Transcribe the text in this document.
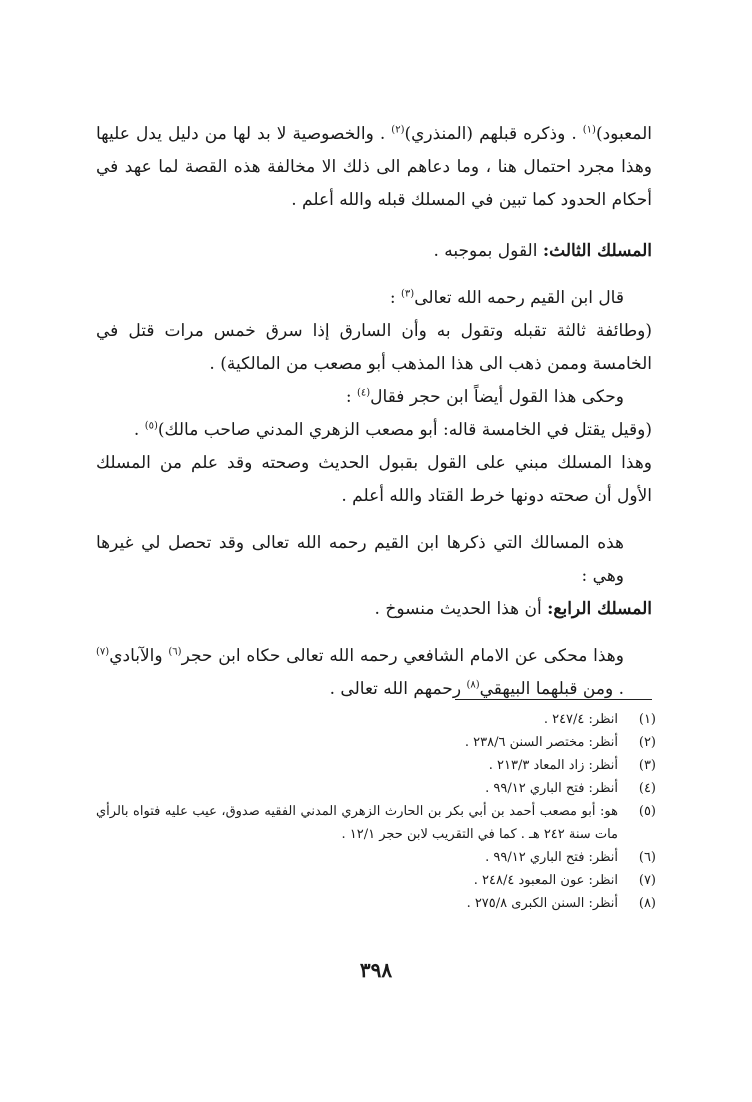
المعبود)$^{(١)}$ . وذكره قبلهم (المنذري)$^{(٢)}$ . والخصوصية لا بد لها من دليل يدل عليها وهذا مجرد احتمال هنا ، وما دعاهم الى ذلك الا مخالفة هذه القصة لما عهد في أحكام الحدود كما تبين في المسلك قبله والله أعلم .

المسلك الثالث: القول بموجبه .

قال ابن القيم رحمه الله تعالى$^{(٣)}$ :

(وطائفة ثالثة تقبله وتقول به وأن السارق إذا سرق خمس مرات قتل في الخامسة وممن ذهب الى هذا المذهب أبو مصعب من المالكية) .

وحكى هذا القول أيضاً ابن حجر فقال$^{(٤)}$ :

(وقيل يقتل في الخامسة قاله: أبو مصعب الزهري المدني صاحب مالك)$^{(٥)}$ .

وهذا المسلك مبني على القول بقبول الحديث وصحته وقد علم من المسلك الأول أن صحته دونها خرط القتاد والله أعلم .

هذه المسالك التي ذكرها ابن القيم رحمه الله تعالى وقد تحصل لي غيرها وهي :

المسلك الرابع: أن هذا الحديث منسوخ .

وهذا محكى عن الامام الشافعي رحمه الله تعالى حكاه ابن حجر$^{(٦)}$ والآبادي$^{(٧)}$ . ومن قبلهما البيهقي$^{(٨)}$ رحمهم الله تعالى .

(١)
انظر: ٢٤٧/٤ .
(٢)
أنظر: مختصر السنن ٢٣٨/٦ .
(٣)
أنظر: زاد المعاد ٢١٣/٣ .
(٤)
أنظر: فتح الباري ٩٩/١٢ .
(٥)
هو: أبو مصعب أحمد بن أبي بكر بن الحارث الزهري المدني الفقيه صدوق، عيب عليه فتواه بالرأي مات سنة ٢٤٢ هـ . كما في التقريب لابن حجر ١٢/١ .
(٦)
أنظر: فتح الباري ٩٩/١٢ .
(٧)
انظر: عون المعبود ٢٤٨/٤ .
(٨)
أنظر: السنن الكبرى ٢٧٥/٨ .
٣٩٨
